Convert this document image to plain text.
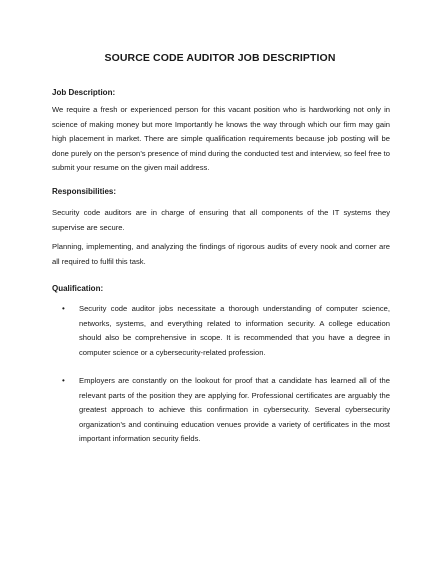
SOURCE CODE AUDITOR JOB DESCRIPTION
Job Description:

We require a fresh or experienced person for this vacant position who is hardworking not only in science of making money but more Importantly he knows the way through which our firm may gain high placement in market. There are simple qualification requirements because job posting will be done purely on the person’s presence of mind during the conducted test and interview, so feel free to submit your resume on the given mail address.

Responsibilities:

Security code auditors are in charge of ensuring that all components of the IT systems they supervise are secure.

Planning, implementing, and analyzing the findings of rigorous audits of every nook and corner are all required to fulfil this task.

Qualification:
• Security code auditor jobs necessitate a thorough understanding of computer science, networks, systems, and everything related to information security. A college education should also be comprehensive in scope. It is recommended that you have a degree in computer science or a cybersecurity-related profession.
• Employers are constantly on the lookout for proof that a candidate has learned all of the relevant parts of the position they are applying for. Professional certificates are arguably the greatest approach to achieve this confirmation in cybersecurity. Several cybersecurity organization’s and continuing education venues provide a variety of certificates in the most important information security fields.
